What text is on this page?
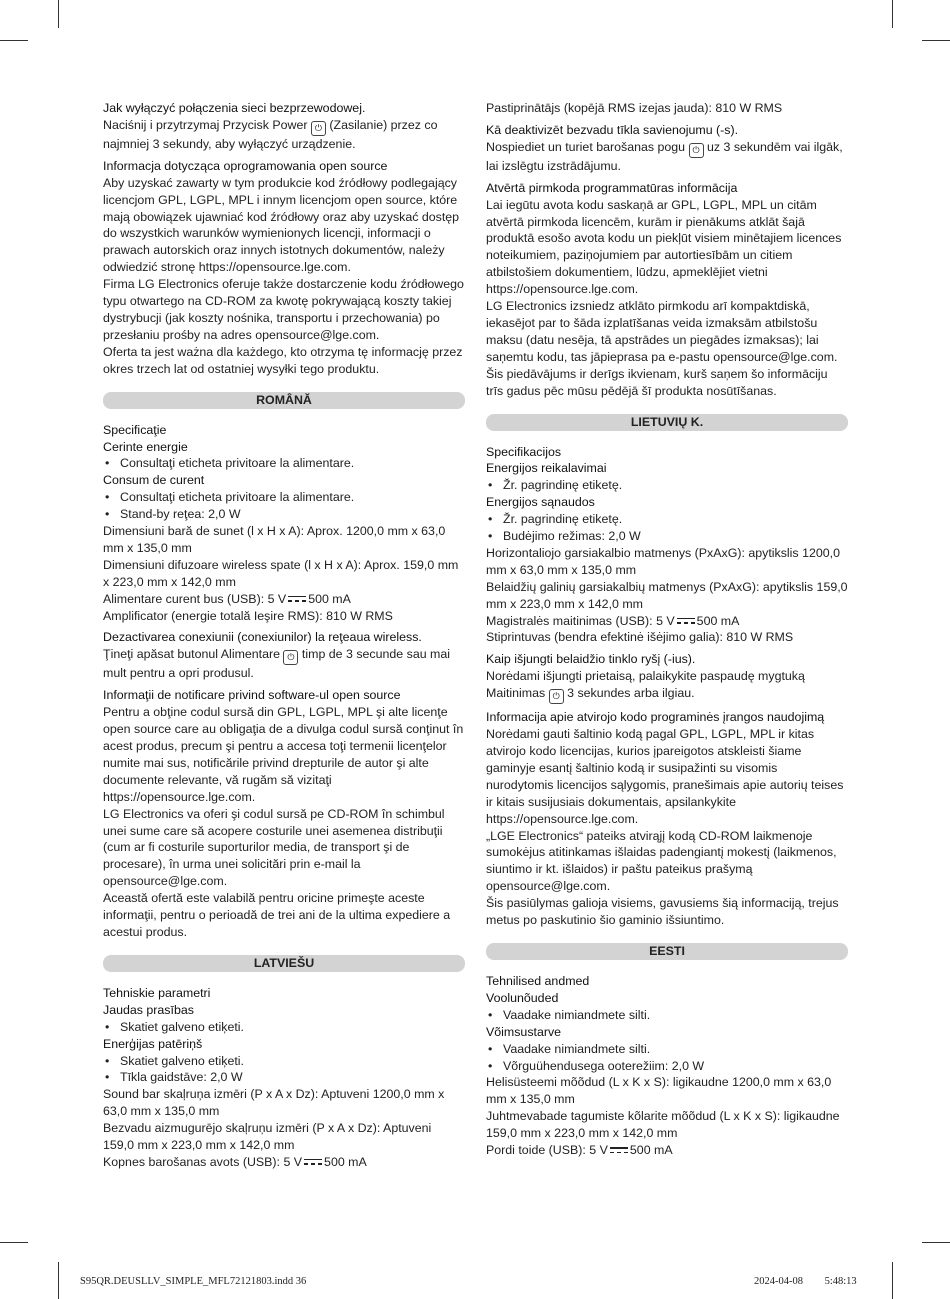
Jak wyłączyć połączenia sieci bezprzewodowej.

Naciśnij i przytrzymaj Przycisk Power ⏻ (Zasilanie) przez co najmniej 3 sekundy, aby wyłączyć urządzenie.

Informacja dotycząca oprogramowania open source

Aby uzyskać zawarty w tym produkcie kod źródłowy podlegający licencjom GPL, LGPL, MPL i innym licencjom open source, które mają obowiązek ujawniać kod źródłowy oraz aby uzyskać dostęp do wszystkich warunków wymienionych licencji, informacji o prawach autorskich oraz innych istotnych dokumentów, należy odwiedzić stronę https://opensource.lge.com.

Firma LG Electronics oferuje także dostarczenie kodu źródłowego typu otwartego na CD-ROM za kwotę pokrywającą koszty takiej dystrybucji (jak koszty nośnika, transportu i przechowania) po przesłaniu prośby na adres opensource@lge.com.

Oferta ta jest ważna dla każdego, kto otrzyma tę informację przez okres trzech lat od ostatniej wysyłki tego produktu.

ROMÂNĂ

Specificaţie

Cerinte energie

• Consultaţi eticheta privitoare la alimentare.

Consum de curent

• Consultaţi eticheta privitoare la alimentare.

• Stand-by reţea: 2,0 W

Dimensiuni bară de sunet (l x H x A): Aprox. 1200,0 mm x 63,0 mm x 135,0 mm

Dimensiuni difuzoare wireless spate (l x H x A): Aprox. 159,0 mm x 223,0 mm x 142,0 mm

Alimentare curent bus (USB): 5 V 500 mA

Amplificator (energie totală Ieşire RMS): 810 W RMS

Dezactivarea conexiunii (conexiunilor) la reţeaua wireless.

Ţineţi apăsat butonul Alimentare ⏻ timp de 3 secunde sau mai mult pentru a opri produsul.

Informaţii de notificare privind software-ul open source

Pentru a obţine codul sursă din GPL, LGPL, MPL şi alte licenţe open source care au obligaţia de a divulga codul sursă conţinut în acest produs, precum şi pentru a accesa toţi termenii licenţelor numite mai sus, notificările privind drepturile de autor şi alte documente relevante, vă rugăm să vizitaţi https://opensource.lge.com.

LG Electronics va oferi şi codul sursă pe CD-ROM în schimbul unei sume care să acopere costurile unei asemenea distribuţii (cum ar fi costurile suporturilor media, de transport şi de procesare), în urma unei solicitări prin e-mail la opensource@lge.com.

Această ofertă este valabilă pentru oricine primeşte aceste informaţii, pentru o perioadă de trei ani de la ultima expediere a acestui produs.

LATVIEŠU

Tehniskie parametri

Jaudas prasības

• Skatiet galveno etiķeti.

Enerģijas patēriņš

• Skatiet galveno etiķeti.

• Tīkla gaidstāve: 2,0 W

Sound bar skaļruņa izmēri (P x A x Dz): Aptuveni 1200,0 mm x 63,0 mm x 135,0 mm

Bezvadu aizmugurējo skaļruņu izmēri (P x A x Dz): Aptuveni 159,0 mm x 223,0 mm x 142,0 mm

Kopnes barošanas avots (USB): 5 V 500 mA

Pastiprinātājs (kopējā RMS izejas jauda): 810 W RMS

Kā deaktivizēt bezvadu tīkla savienojumu (-s).

Nospiediet un turiet barošanas pogu ⏻ uz 3 sekundēm vai ilgāk, lai izslēgtu izstrādājumu.

Atvērtā pirmkoda programmatūras informācija

Lai iegūtu avota kodu saskaņā ar GPL, LGPL, MPL un citām atvērtā pirmkoda licencēm, kurām ir pienākums atklāt šajā produktā esošo avota kodu un piekļūt visiem minētajiem licences noteikumiem, paziņojumiem par autortiesībām un citiem atbilstošiem dokumentiem, lūdzu, apmeklējiet vietni https://opensource.lge.com.

LG Electronics izsniedz atklāto pirmkodu arī kompaktdiskā, iekasējot par to šāda izplatīšanas veida izmaksām atbilstošu maksu (datu nesēja, tā apstrādes un piegādes izmaksas); lai saņemtu kodu, tas jāpieprasa pa e-pastu opensource@lge.com.

Šis piedāvājums ir derīgs ikvienam, kurš saņem šo informāciju trīs gadus pēc mūsu pēdējā šī produkta nosūtīšanas.

LIETUVIŲ K.

Specifikacijos

Energijos reikalavimai

• Žr. pagrindinę etiketę.

Energijos sąnaudos

• Žr. pagrindinę etiketę.

• Budėjimo režimas: 2,0 W

Horizontaliojo garsiakalbio matmenys (PxAxG): apytikslis 1200,0 mm x 63,0 mm x 135,0 mm

Belaidžių galinių garsiakalbių matmenys (PxAxG): apytikslis 159,0 mm x 223,0 mm x 142,0 mm

Magistralės maitinimas (USB): 5 V 500 mA

Stiprintuvas (bendra efektinė išėjimo galia): 810 W RMS

Kaip išjungti belaidžio tinklo ryšį (-ius).

Norėdami išjungti prietaisą, palaikykite paspaudę mygtuką Maitinimas ⏻ 3 sekundes arba ilgiau.

Informacija apie atvirojo kodo programinės įrangos naudojimą

Norėdami gauti šaltinio kodą pagal GPL, LGPL, MPL ir kitas atvirojo kodo licencijas, kurios įpareigotos atskleisti šiame gaminyje esantį šaltinio kodą ir susipažinti su visomis nurodytomis licencijos sąlygomis, pranešimais apie autorių teises ir kitais susijusiais dokumentais, apsilankykite https://opensource.lge.com.

„LGE Electronics“ pateiks atvirąjį kodą CD-ROM laikmenoje sumokėjus atitinkamas išlaidas padengiantį mokestį (laikmenos, siuntimo ir kt. išlaidos) ir paštu pateikus prašymą opensource@lge.com.

Šis pasiūlymas galioja visiems, gavusiems šią informaciją, trejus metus po paskutinio šio gaminio išsiuntimo.

EESTI

Tehnilised andmed

Voolunõuded

• Vaadake nimiandmete silti.

Võimsustarve

• Vaadake nimiandmete silti.

• Võrguühendusega ooterežiim: 2,0 W

Helisüsteemi mõõdud (L x K x S): ligikaudne 1200,0 mm x 63,0 mm x 135,0 mm

Juhtmevabade tagumiste kõlarite mõõdud (L x K x S): ligikaudne 159,0 mm x 223,0 mm x 142,0 mm

Pordi toide (USB): 5 V 500 mA

S95QR.DEUSLLV_SIMPLE_MFL72121803.indd 36	2024-04-08 ￿￿ 5:48:13
